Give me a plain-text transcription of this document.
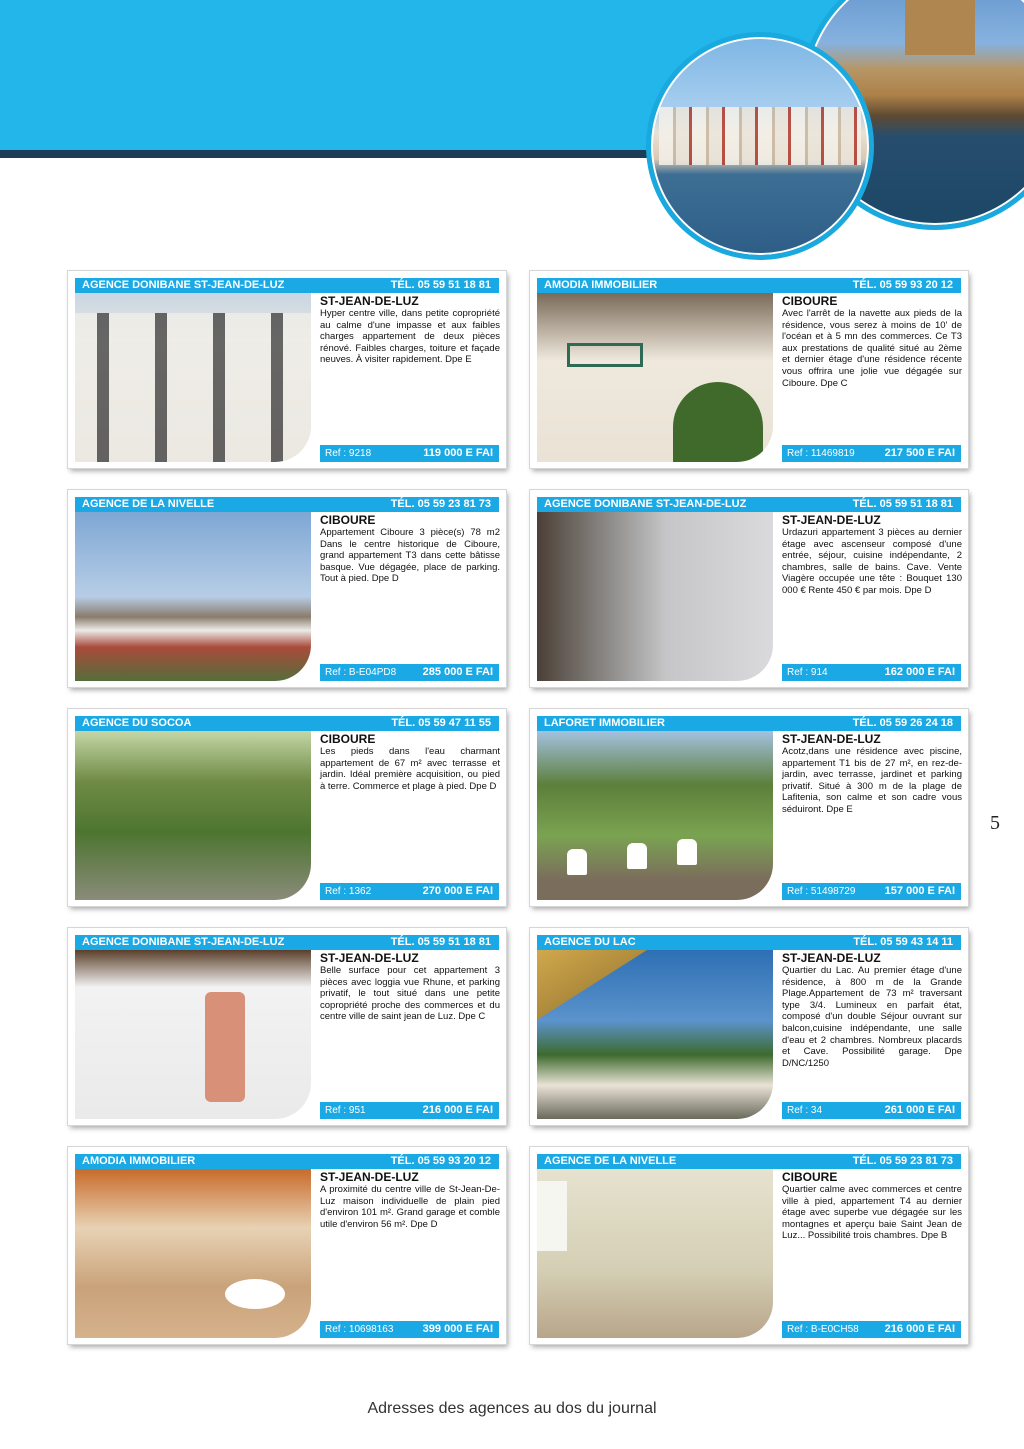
AGENCE DONIBANE ST-JEAN-DE-LUZ	TÉL. 05 59 51 18 81
ST-JEAN-DE-LUZ
Hyper centre ville, dans petite copropriété au calme d'une impasse et aux faibles charges appartement de deux pièces rénové. Faibles charges, toiture et façade neuves. À visiter rapidement. Dpe E
Ref : 9218	119 000 E FAI
AMODIA IMMOBILIER	TÉL. 05 59 93 20 12
CIBOURE
Avec l'arrêt de la navette aux pieds de la résidence, vous serez à moins de 10' de l'océan et à 5 mn des commerces. Ce T3 aux prestations de qualité situé au 2ème et dernier étage d'une résidence récente vous offrira une jolie vue dégagée sur Ciboure. Dpe C
Ref : 11469819	217 500 E FAI
AGENCE DE LA NIVELLE	TÉL. 05 59 23 81 73
CIBOURE
Appartement Ciboure 3 pièce(s) 78 m2 Dans le centre historique de Ciboure, grand appartement T3 dans cette bâtisse basque. Vue dégagée, place de parking. Tout à pied. Dpe D
Ref : B-E04PD8 285 000 E FAI
AGENCE DONIBANE ST-JEAN-DE-LUZ	TÉL. 05 59 51 18 81
ST-JEAN-DE-LUZ
Urdazuri appartement 3 pièces au dernier étage avec ascenseur composé d'une entrée, séjour, cuisine indépendante, 2 chambres, salle de bains. Cave. Vente Viagère occupée une tête : Bouquet 130 000 € Rente 450 € par mois. Dpe D
Ref : 914	162 000 E FAI
AGENCE DU SOCOA	TÉL. 05 59 47 11 55
CIBOURE
Les pieds dans l'eau charmant appartement de 67 m² avec terrasse et jardin. Idéal première acquisition, ou pied à terre. Commerce et plage à pied. Dpe D
Ref : 1362	270 000 E FAI
LAFORET IMMOBILIER	TÉL. 05 59 26 24 18
ST-JEAN-DE-LUZ
Acotz,dans une résidence avec piscine, appartement T1 bis de 27 m², en rez-de-jardin, avec terrasse, jardinet et parking privatif. Situé à 300 m de la plage de Lafitenia, son calme et son cadre vous séduiront. Dpe E
Ref : 51498729	157 000 E FAI
AGENCE DONIBANE ST-JEAN-DE-LUZ	TÉL. 05 59 51 18 81
ST-JEAN-DE-LUZ
Belle surface pour cet appartement 3 pièces avec loggia vue Rhune, et parking privatif, le tout situé dans une petite copropriété proche des commerces et du centre ville de saint jean de Luz. Dpe C
Ref : 951	216 000 E FAI
AGENCE DU LAC	TÉL. 05 59 43 14 11
ST-JEAN-DE-LUZ
Quartier du Lac. Au premier étage d'une résidence, à 800 m de la Grande Plage.Appartement de 73 m² traversant type 3/4. Lumineux en parfait état, composé d'un double Séjour ouvrant sur balcon,cuisine indépendante, une salle d'eau et 2 chambres. Nombreux placards et Cave. Possibilité garage. Dpe D/NC/1250
Ref : 34	261 000 E FAI
AMODIA IMMOBILIER	TÉL. 05 59 93 20 12
ST-JEAN-DE-LUZ
A proximité du centre ville de St-Jean-De-Luz maison individuelle de plain pied d'environ 101 m². Grand garage et comble utile d'environ 56 m². Dpe D
Ref : 10698163	399 000 E FAI
AGENCE DE LA NIVELLE	TÉL. 05 59 23 81 73
CIBOURE
Quartier calme avec commerces et centre ville à pied, appartement T4 au dernier étage avec superbe vue dégagée sur les montagnes et aperçu baie Saint Jean de Luz... Possibilité trois chambres. Dpe B
Ref : B-E0CH58 216 000 E FAI
5
Adresses des agences au dos du journal
